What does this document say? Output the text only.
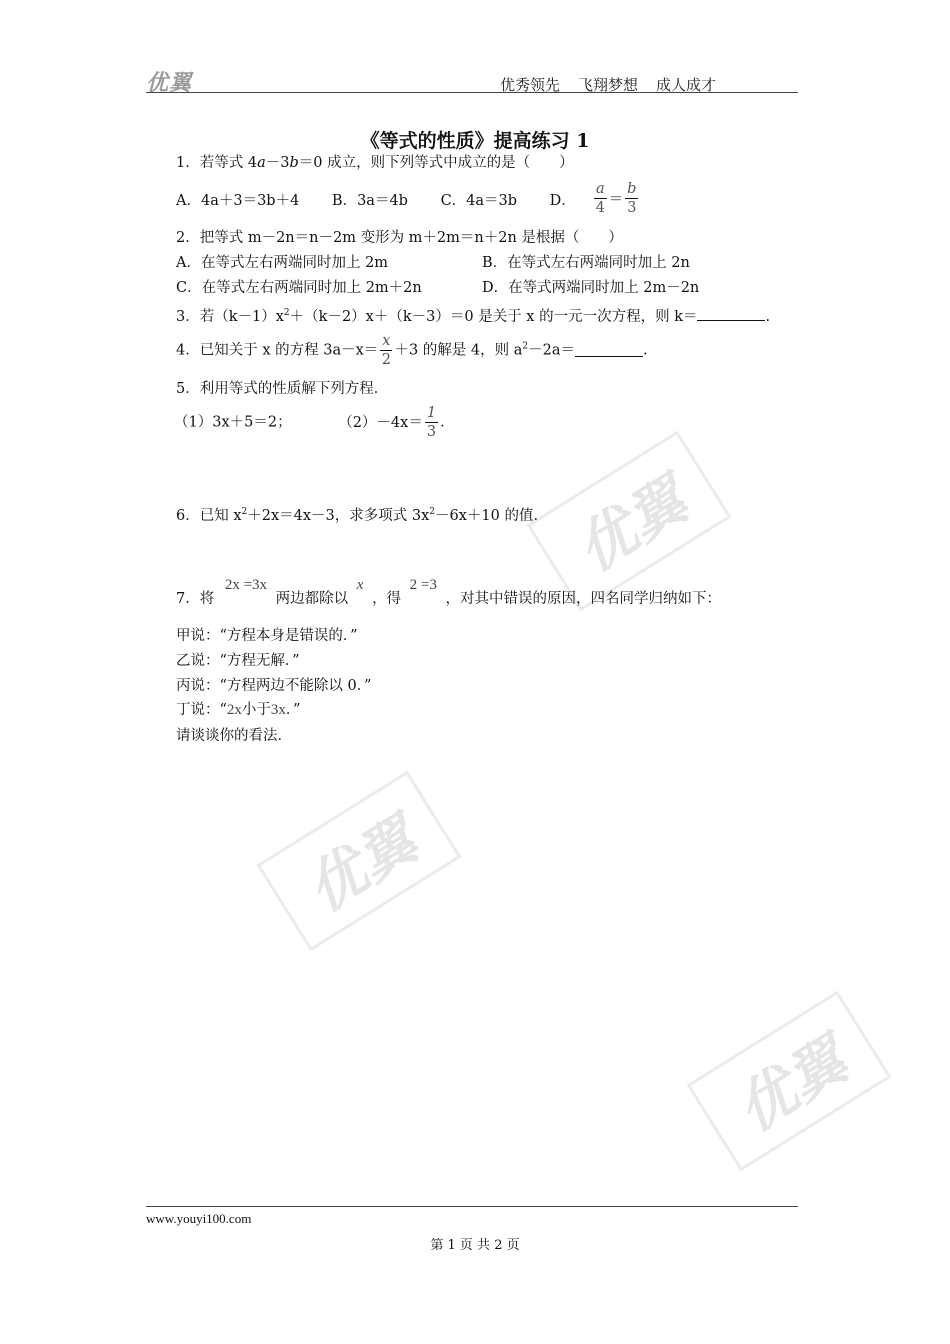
优翼	优秀领先 飞翔梦想 成人成才
优翼
优翼
优翼
《等式的性质》提高练习 1
1．若等式 4a－3b＝0 成立，则下列等式中成立的是（　　）
A．4a＋3＝3b＋4 B．3a＝4b C．4a＝3b D． $\frac{a}{4} = \frac{b}{3}$
2．把等式 m－2n＝n－2m 变形为 m＋2m＝n＋2n 是根据（　　）
A．在等式左右两端同时加上 2m	B．在等式左右两端同时加上 2n
C．在等式左右两端同时加上 2m＋2n	D．在等式两端同时加上 2m－2n
3．若$(k-1)x^2+(k-2)x+(k-3)=0$ 是关于 x 的一元一次方程，则 k＝	.
4．已知关于 x 的方程 $3a-x= \frac{x}{2} +3$ 的解是 4，则 $a^2-2a=$	.
5．利用等式的性质解下列方程．
（1）3x＋5＝2；	$(2)-4x= \frac{1}{3}$ ．
6．已知 $x^2+2x=4x-3$，求多项式 $3x^2-6x+10$ 的值．
7．将 2x =3x 两边都除以 x ，得 2 =3 ，对其中错误的原因，四名同学归纳如下：
甲说：“方程本身是错误的．”
乙说：“方程无解．”
丙说：“方程两边不能除以 0．”
丁说：“2x小于3x．”
请谈谈你的看法．
www.youyi100.com
第 1 页 共 2 页
